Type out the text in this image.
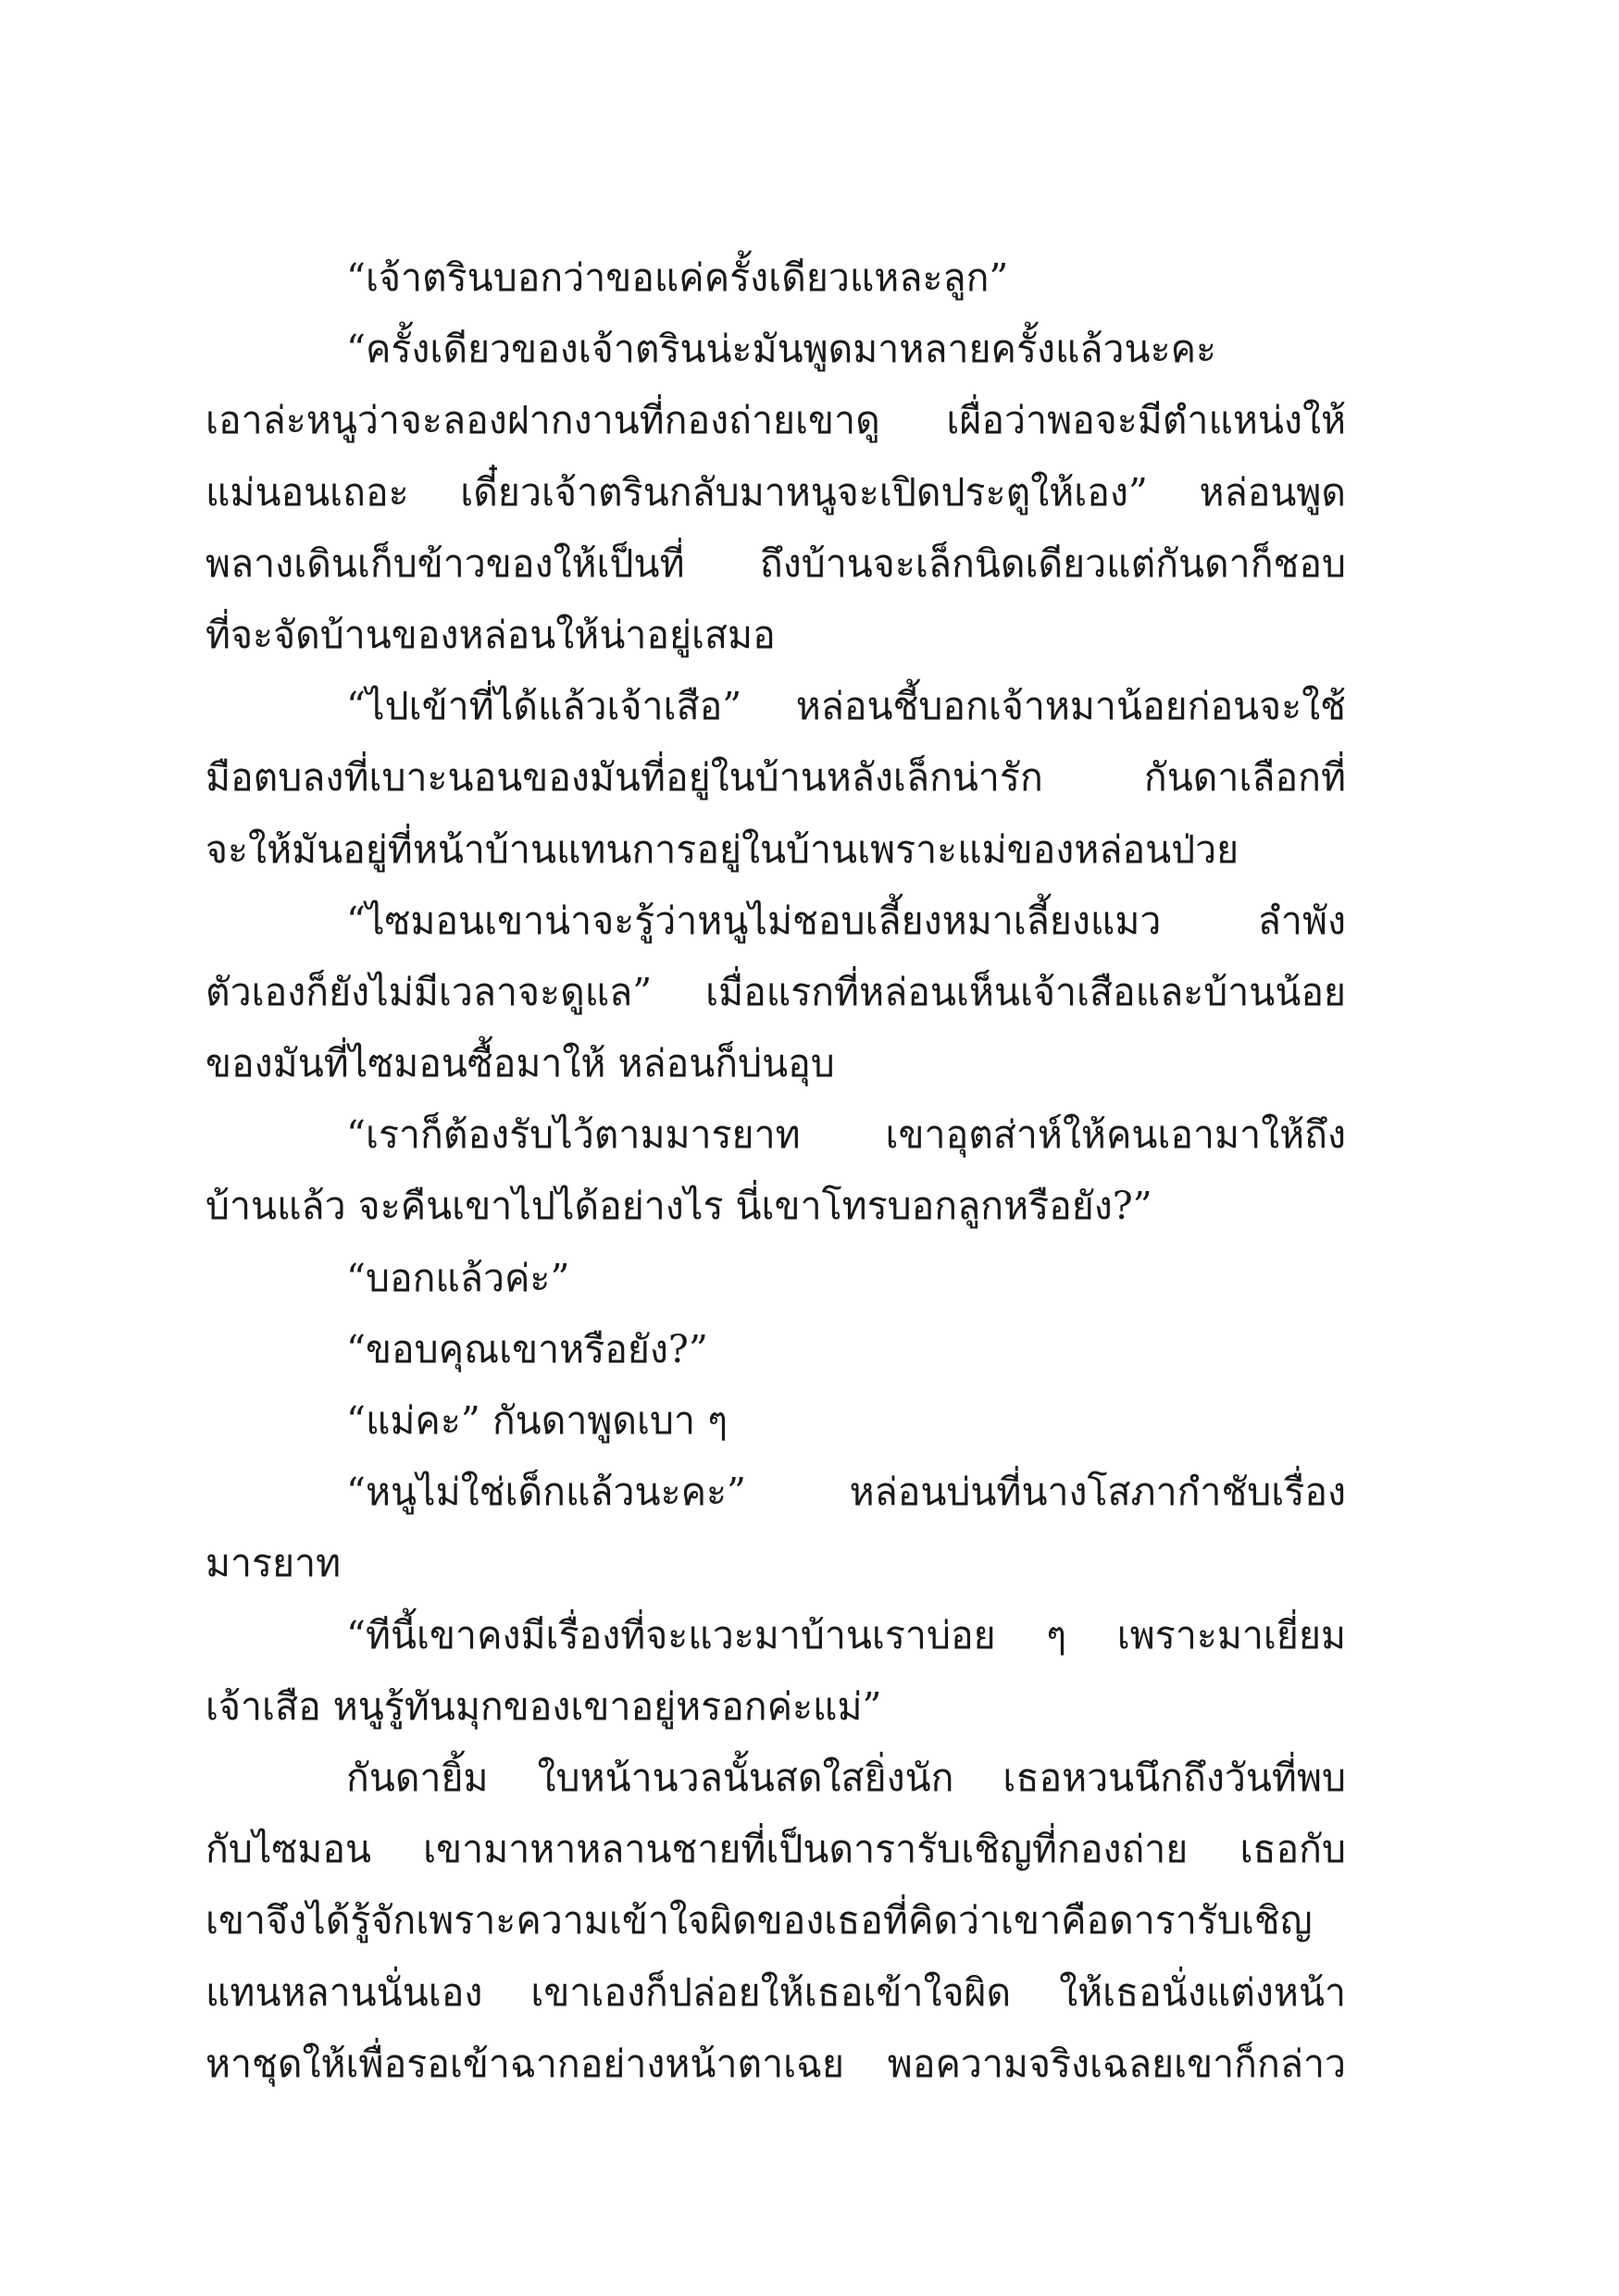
“เจ้าตรินบอกว่าขอแค่ครั้งเดียวแหละลูก”
“ครั้งเดียวของเจ้าตรินน่ะมันพูดมาหลายครั้งแล้วนะคะ
เอาล่ะหนูว่าจะลองฝากงานที่กองถ่ายเขาดู เผื่อว่าพอจะมีตำแหน่งให้
แม่นอนเถอะ เดี๋ยวเจ้าตรินกลับมาหนูจะเปิดประตูให้เอง” หล่อนพูด
พลางเดินเก็บข้าวของให้เป็นที่ ถึงบ้านจะเล็กนิดเดียวแต่กันดาก็ชอบ
ที่จะจัดบ้านของหล่อนให้น่าอยู่เสมอ
“ไปเข้าที่ได้แล้วเจ้าเสือ” หล่อนชี้บอกเจ้าหมาน้อยก่อนจะใช้
มือตบลงที่เบาะนอนของมันที่อยู่ในบ้านหลังเล็กน่ารัก กันดาเลือกที่
จะให้มันอยู่ที่หน้าบ้านแทนการอยู่ในบ้านเพราะแม่ของหล่อนป่วย
“ไซมอนเขาน่าจะรู้ว่าหนูไม่ชอบเลี้ยงหมาเลี้ยงแมว ลำพัง
ตัวเองก็ยังไม่มีเวลาจะดูแล” เมื่อแรกที่หล่อนเห็นเจ้าเสือและบ้านน้อย
ของมันที่ไซมอนซื้อมาให้ หล่อนก็บ่นอุบ
“เราก็ต้องรับไว้ตามมารยาท เขาอุตส่าห์ให้คนเอามาให้ถึง
บ้านแล้ว จะคืนเขาไปได้อย่างไร นี่เขาโทรบอกลูกหรือยัง?”
“บอกแล้วค่ะ”
“ขอบคุณเขาหรือยัง?”
“แม่คะ” กันดาพูดเบา ๆ
“หนูไม่ใช่เด็กแล้วนะคะ” หล่อนบ่นที่นางโสภากำชับเรื่อง
มารยาท
“ทีนี้เขาคงมีเรื่องที่จะแวะมาบ้านเราบ่อย ๆ เพราะมาเยี่ยม
เจ้าเสือ หนูรู้ทันมุกของเขาอยู่หรอกค่ะแม่”
กันดายิ้ม ใบหน้านวลนั้นสดใสยิ่งนัก เธอหวนนึกถึงวันที่พบ
กับไซมอน เขามาหาหลานชายที่เป็นดารารับเชิญที่กองถ่าย เธอกับ
เขาจึงได้รู้จักเพราะความเข้าใจผิดของเธอที่คิดว่าเขาคือดารารับเชิญ
แทนหลานนั่นเอง เขาเองก็ปล่อยให้เธอเข้าใจผิด ให้เธอนั่งแต่งหน้า
หาชุดให้เพื่อรอเข้าฉากอย่างหน้าตาเฉย พอความจริงเฉลยเขาก็กล่าว
